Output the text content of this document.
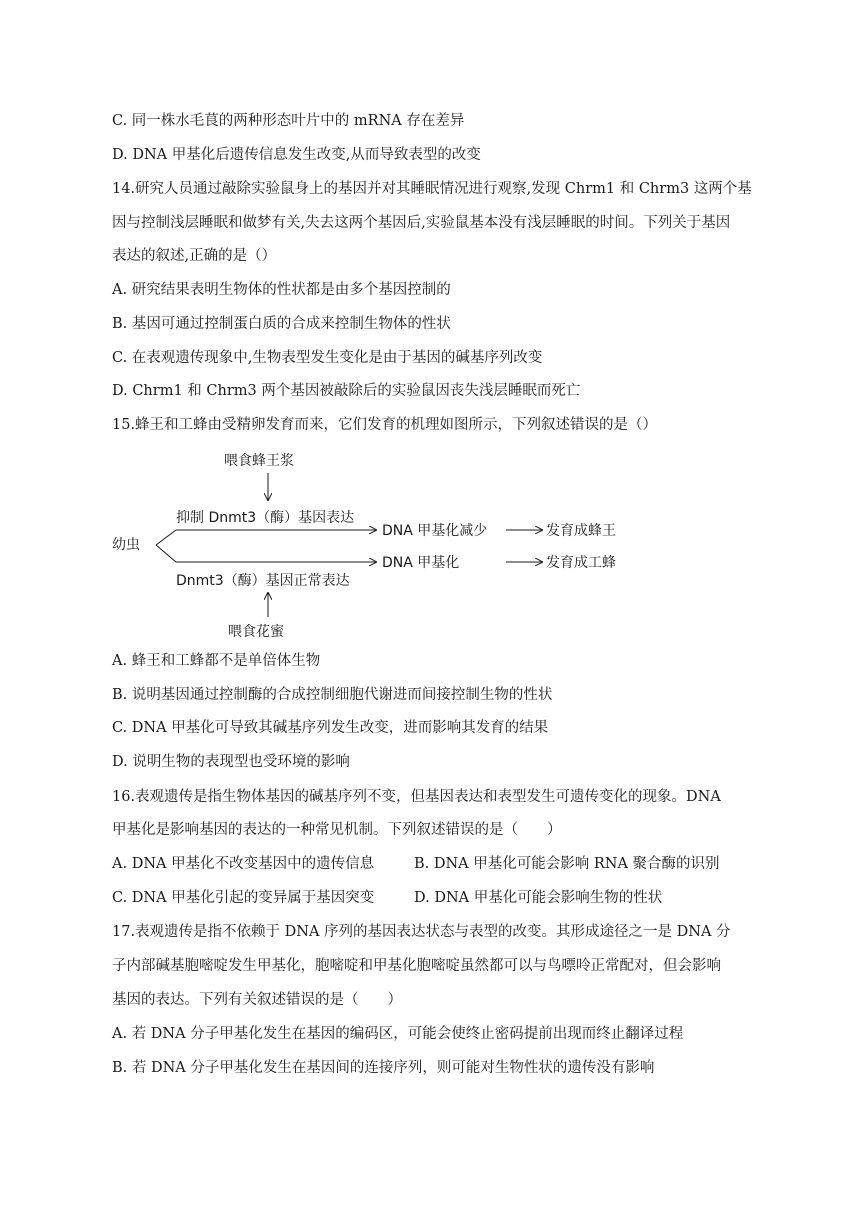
C. 同一株水毛茛的两种形态叶片中的 mRNA 存在差异
D. DNA 甲基化后遗传信息发生改变,从而导致表型的改变
14.研究人员通过敲除实验鼠身上的基因并对其睡眠情况进行观察,发现 Chrm1 和 Chrm3 这两个基
因与控制浅层睡眠和做梦有关,失去这两个基因后,实验鼠基本没有浅层睡眠的时间。下列关于基因
表达的叙述,正确的是（）
A. 研究结果表明生物体的性状都是由多个基因控制的
B. 基因可通过控制蛋白质的合成来控制生物体的性状
C. 在表观遗传现象中,生物表型发生变化是由于基因的碱基序列改变
D. Chrm1 和 Chrm3 两个基因被敲除后的实验鼠因丧失浅层睡眠而死亡
15.蜂王和工蜂由受精卵发育而来，它们发育的机理如图所示，下列叙述错误的是（）
喂食蜂王浆
抑制 Dnmt3（酶）基因表达
幼虫
DNA 甲基化减少	发育成蜂王
DNA 甲基化	发育成工蜂
Dnmt3（酶）基因正常表达
喂食花蜜
A. 蜂王和工蜂都不是单倍体生物
B. 说明基因通过控制酶的合成控制细胞代谢进而间接控制生物的性状
C. DNA 甲基化可导致其碱基序列发生改变，进而影响其发育的结果
D. 说明生物的表现型也受环境的影响
16.表观遗传是指生物体基因的碱基序列不变，但基因表达和表型发生可遗传变化的现象。DNA
甲基化是影响基因的表达的一种常见机制。下列叙述错误的是（　　）
A. DNA 甲基化不改变基因中的遗传信息	B. DNA 甲基化可能会影响 RNA 聚合酶的识别
C. DNA 甲基化引起的变异属于基因突变	D. DNA 甲基化可能会影响生物的性状
17.表观遗传是指不依赖于 DNA 序列的基因表达状态与表型的改变。其形成途径之一是 DNA 分
子内部碱基胞嘧啶发生甲基化，胞嘧啶和甲基化胞嘧啶虽然都可以与鸟嘌呤正常配对，但会影响
基因的表达。下列有关叙述错误的是（　　）
A. 若 DNA 分子甲基化发生在基因的编码区，可能会使终止密码提前出现而终止翻译过程
B. 若 DNA 分子甲基化发生在基因间的连接序列，则可能对生物性状的遗传没有影响
